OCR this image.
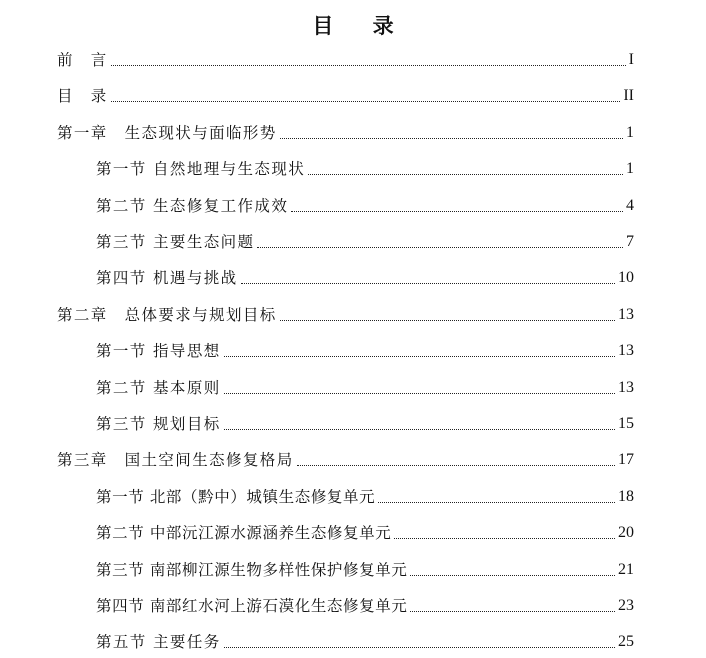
目 录
前　言	I
目　录	II
第一章　生态现状与面临形势	1
第一节 自然地理与生态现状	1
第二节 生态修复工作成效	4
第三节 主要生态问题	7
第四节 机遇与挑战	10
第二章　总体要求与规划目标	13
第一节 指导思想	13
第二节 基本原则	13
第三节 规划目标	15
第三章　国土空间生态修复格局	17
第一节 北部（黔中）城镇生态修复单元	18
第二节 中部沅江源水源涵养生态修复单元	20
第三节 南部柳江源生物多样性保护修复单元	21
第四节 南部红水河上游石漠化生态修复单元	23
第五节 主要任务	25
